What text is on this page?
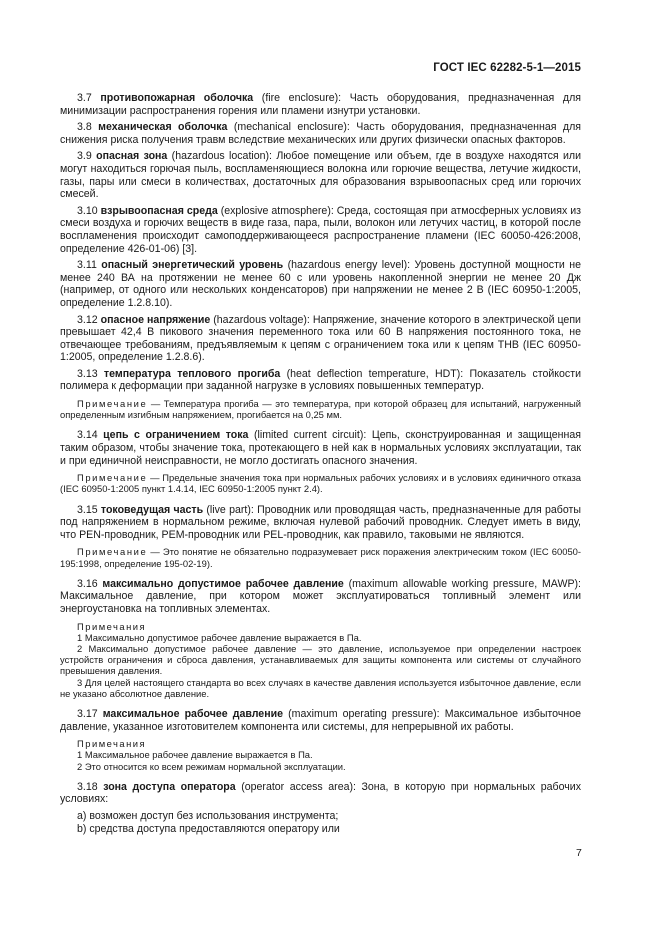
ГОСТ IEC 62282-5-1—2015
3.7 противопожарная оболочка (fire enclosure): Часть оборудования, предназначенная для минимизации распространения горения или пламени изнутри установки.
3.8 механическая оболочка (mechanical enclosure): Часть оборудования, предназначенная для снижения риска получения травм вследствие механических или других физически опасных факторов.
3.9 опасная зона (hazardous location): Любое помещение или объем, где в воздухе находятся или могут находиться горючая пыль, воспламеняющиеся волокна или горючие вещества, летучие жидкости, газы, пары или смеси в количествах, достаточных для образования взрывоопасных сред или горючих смесей.
3.10 взрывоопасная среда (explosive atmosphere): Среда, состоящая при атмосферных условиях из смеси воздуха и горючих веществ в виде газа, пара, пыли, волокон или летучих частиц, в которой после воспламенения происходит самоподдерживающееся распространение пламени (IEC 60050-426:2008, определение 426-01-06) [3].
3.11 опасный энергетический уровень (hazardous energy level): Уровень доступной мощности не менее 240 ВА на протяжении не менее 60 с или уровень накопленной энергии не менее 20 Дж (например, от одного или нескольких конденсаторов) при напряжении не менее 2 В (IEC 60950-1:2005, определение 1.2.8.10).
3.12 опасное напряжение (hazardous voltage): Напряжение, значение которого в электрической цепи превышает 42,4 В пикового значения переменного тока или 60 В напряжения постоянного тока, не отвечающее требованиям, предъявляемым к цепям с ограничением тока или к цепям ТНВ (IEC 60950-1:2005, определение 1.2.8.6).
3.13 температура теплового прогиба (heat deflection temperature, HDT): Показатель стойкости полимера к деформации при заданной нагрузке в условиях повышенных температур.
Примечание — Температура прогиба — это температура, при которой образец для испытаний, нагруженный определенным изгибным напряжением, прогибается на 0,25 мм.
3.14 цепь с ограничением тока (limited current circuit): Цепь, сконструированная и защищенная таким образом, чтобы значение тока, протекающего в ней как в нормальных условиях эксплуатации, так и при единичной неисправности, не могло достигать опасного значения.
Примечание — Предельные значения тока при нормальных рабочих условиях и в условиях единичного отказа (IEC 60950-1:2005 пункт 1.4.14, IEC 60950-1:2005 пункт 2.4).
3.15 токоведущая часть (live part): Проводник или проводящая часть, предназначенные для работы под напряжением в нормальном режиме, включая нулевой рабочий проводник. Следует иметь в виду, что PEN-проводник, PEM-проводник или PEL-проводник, как правило, таковыми не являются.
Примечание — Это понятие не обязательно подразумевает риск поражения электрическим током (IEC 60050-195:1998, определение 195-02-19).
3.16 максимально допустимое рабочее давление (maximum allowable working pressure, MAWP): Максимальное давление, при котором может эксплуатироваться топливный элемент или энергоустановка на топливных элементах.
Примечания
1 Максимально допустимое рабочее давление выражается в Па.
2 Максимально допустимое рабочее давление — это давление, используемое при определении настроек устройств ограничения и сброса давления, устанавливаемых для защиты компонента или системы от случайного превышения давления.
3 Для целей настоящего стандарта во всех случаях в качестве давления используется избыточное давление, если не указано абсолютное давление.
3.17 максимальное рабочее давление (maximum operating pressure): Максимальное избыточное давление, указанное изготовителем компонента или системы, для непрерывной их работы.
Примечания
1 Максимальное рабочее давление выражается в Па.
2 Это относится ко всем режимам нормальной эксплуатации.
3.18 зона доступа оператора (operator access area): Зона, в которую при нормальных рабочих условиях:
a) возможен доступ без использования инструмента;
b) средства доступа предоставляются оператору или
7
